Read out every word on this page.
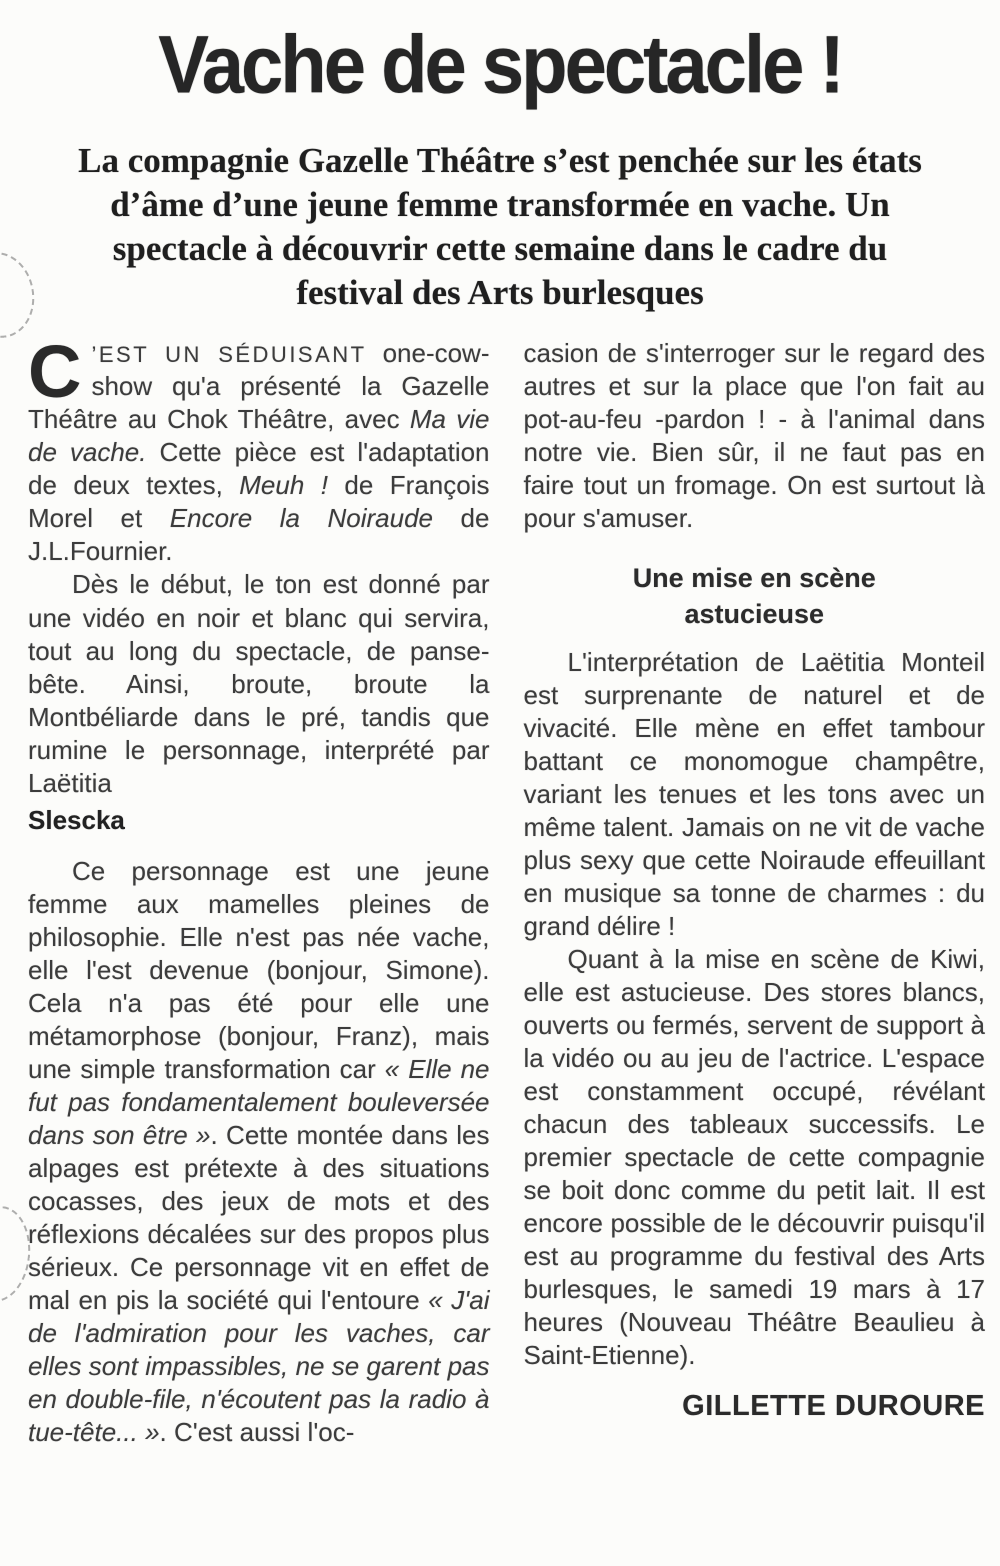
Vache de spectacle !
La compagnie Gazelle Théâtre s’est penchée sur les états d’âme d’une jeune femme transformée en vache. Un spectacle à découvrir cette semaine dans le cadre du festival des Arts burlesques

C ’EST UN SÉDUISANT one-cow-show qu'a présenté la Gazelle Théâtre au Chok Théâtre, avec Ma vie de vache. Cette pièce est l'adaptation de deux textes, Meuh ! de François Morel et Encore la Noiraude de J.L.Fournier.

Dès le début, le ton est donné par une vidéo en noir et blanc qui servira, tout au long du spectacle, de panse-bête. Ainsi, broute, broute la Montbéliarde dans le pré, tandis que rumine le personnage, interprété par Laëtitia

Slescka

Ce personnage est une jeune femme aux mamelles pleines de philosophie. Elle n'est pas née vache, elle l'est devenue (bonjour, Simone). Cela n'a pas été pour elle une métamorphose (bonjour, Franz), mais une simple transformation car « Elle ne fut pas fondamentalement bouleversée dans son être ». Cette montée dans les alpages est prétexte à des situations cocasses, des jeux de mots et des réflexions décalées sur des propos plus sérieux. Ce personnage vit en effet de mal en pis la société qui l'entoure « J'ai de l'admiration pour les vaches, car elles sont impassibles, ne se garent pas en double-file, n'écoutent pas la radio à tue-tête... ». C'est aussi l'oc-

casion de s'interroger sur le regard des autres et sur la place que l'on fait au pot-au-feu -pardon ! - à l'animal dans notre vie. Bien sûr, il ne faut pas en faire tout un fromage. On est surtout là pour s'amuser.

Une mise en scène astucieuse

L'interprétation de Laëtitia Monteil est surprenante de naturel et de vivacité. Elle mène en effet tambour battant ce monomogue champêtre, variant les tenues et les tons avec un même talent. Jamais on ne vit de vache plus sexy que cette Noiraude effeuillant en musique sa tonne de charmes : du grand délire !

Quant à la mise en scène de Kiwi, elle est astucieuse. Des stores blancs, ouverts ou fermés, servent de support à la vidéo ou au jeu de l'actrice. L'espace est constamment occupé, révélant chacun des tableaux successifs. Le premier spectacle de cette compagnie se boit donc comme du petit lait. Il est encore possible de le découvrir puisqu'il est au programme du festival des Arts burlesques, le samedi 19 mars à 17 heures (Nouveau Théâtre Beaulieu à Saint-Etienne).

GILLETTE DUROURE
